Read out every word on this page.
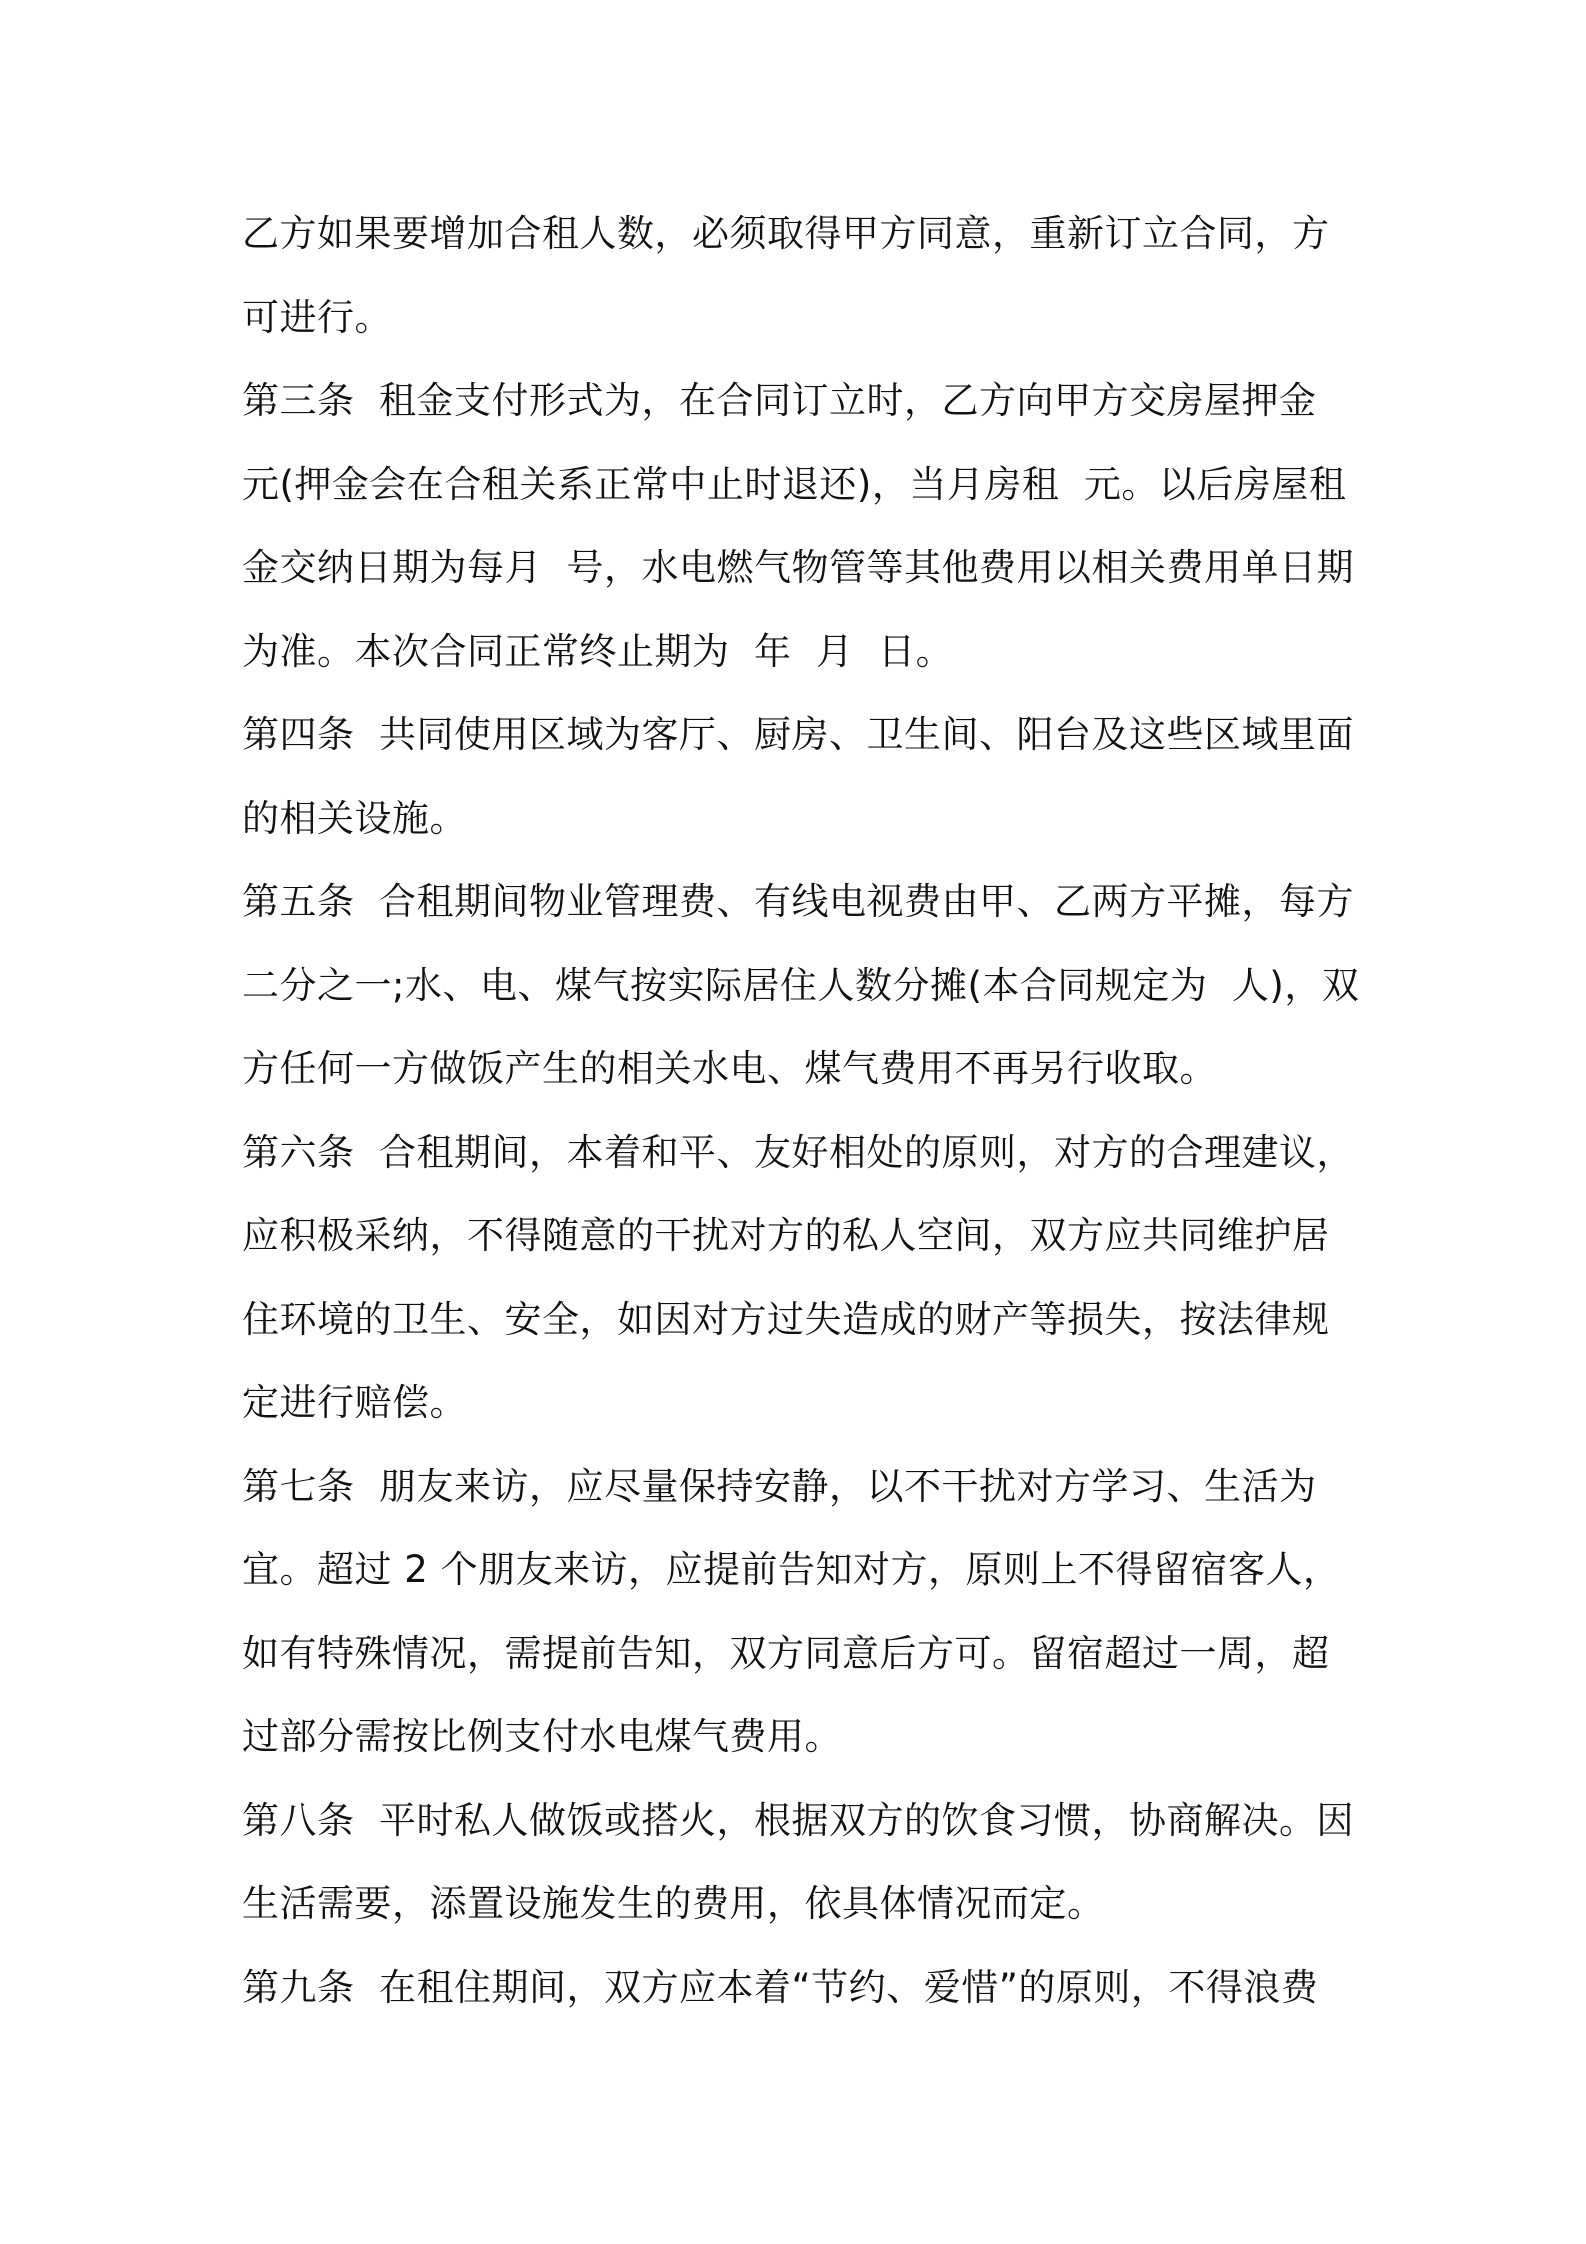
乙方如果要增加合租人数，必须取得甲方同意，重新订立合同，方可进行。

第三条  租金支付形式为，在合同订立时，乙方向甲方交房屋押金  元(押金会在合租关系正常中止时退还)，当月房租  元。以后房屋租金交纳日期为每月  号，水电燃气物管等其他费用以相关费用单日期为准。本次合同正常终止期为  年  月  日。

第四条  共同使用区域为客厅、厨房、卫生间、阳台及这些区域里面的相关设施。

第五条  合租期间物业管理费、有线电视费由甲、乙两方平摊，每方二分之一;水、电、煤气按实际居住人数分摊(本合同规定为  人)，双方任何一方做饭产生的相关水电、煤气费用不再另行收取。

第六条  合租期间，本着和平、友好相处的原则，对方的合理建议，应积极采纳，不得随意的干扰对方的私人空间，双方应共同维护居住环境的卫生、安全，如因对方过失造成的财产等损失，按法律规定进行赔偿。

第七条  朋友来访，应尽量保持安静，以不干扰对方学习、生活为宜。超过 2 个朋友来访，应提前告知对方，原则上不得留宿客人，如有特殊情况，需提前告知，双方同意后方可。留宿超过一周，超过部分需按比例支付水电煤气费用。

第八条  平时私人做饭或搭火，根据双方的饮食习惯，协商解决。因生活需要，添置设施发生的费用，依具体情况而定。

第九条  在租住期间，双方应本着“节约、爱惜”的原则，不得浪费
